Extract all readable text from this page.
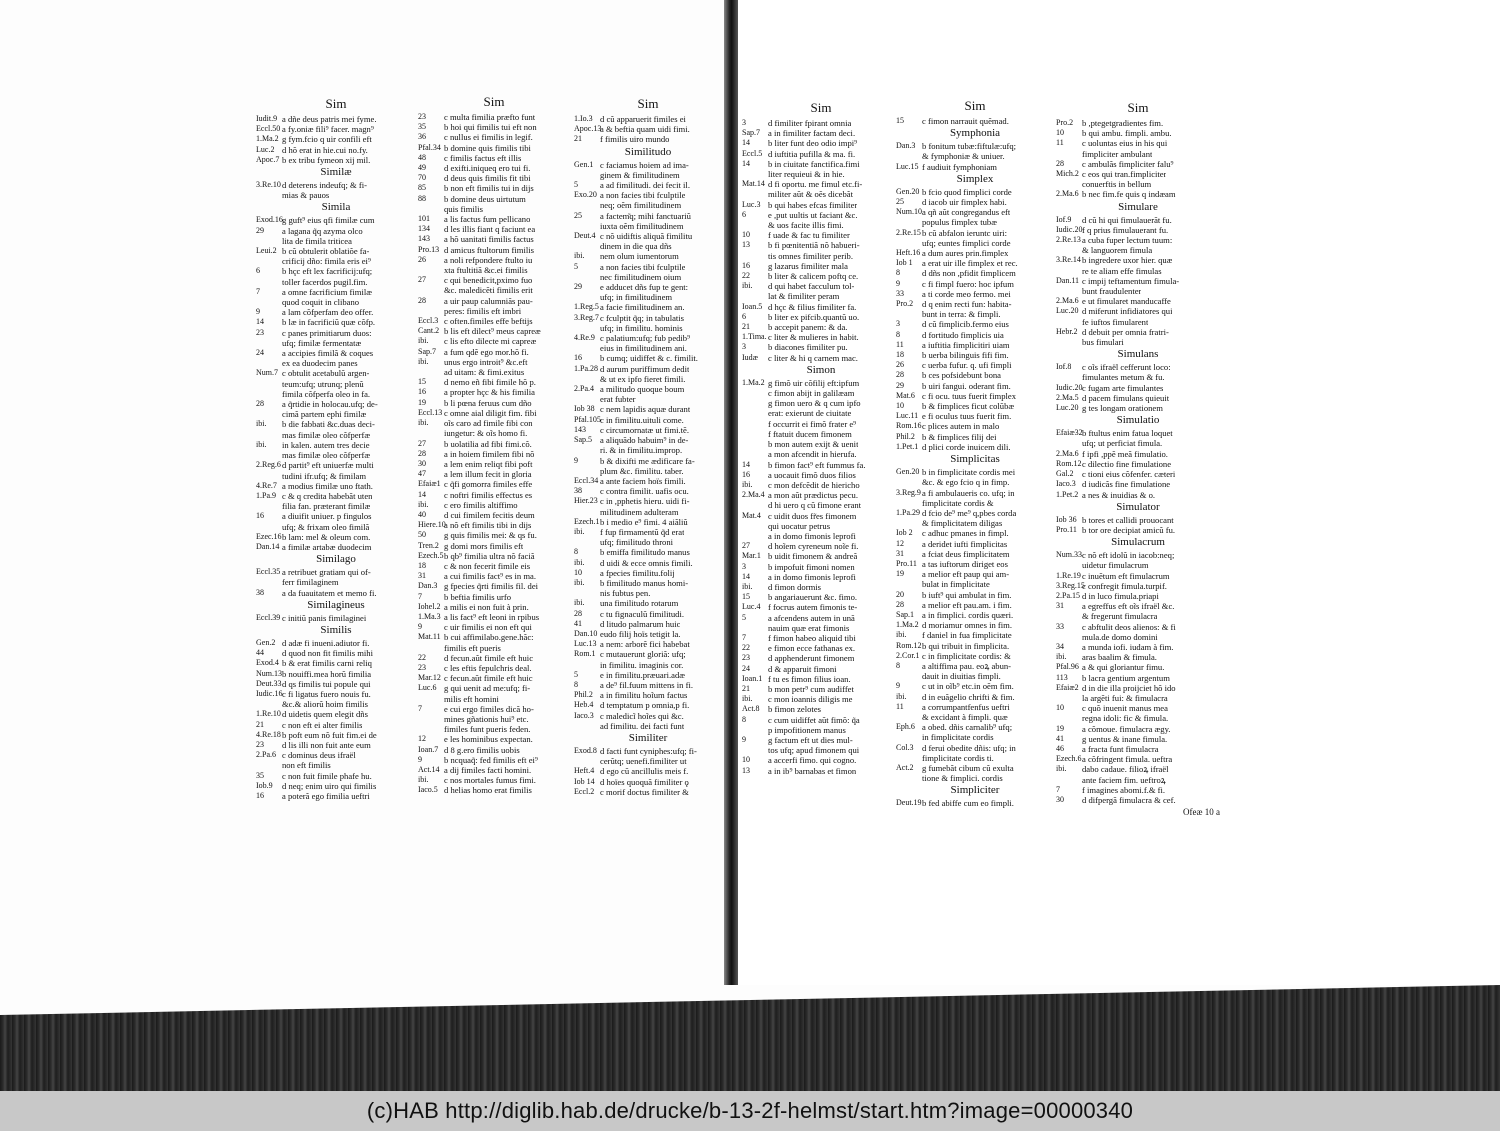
Sim
Iudit.9 a dñe deus patris mei fyme.
Eccl.50 a fy.oniæ fili⁹ facer. magn⁹
1.Ma.2 g fym.fcio q uir confili eft
Luc.2 d hõ erat in hie.cui no.fy.
Apoc.7 b ex tribu fymeon xij mil.
Similæ
3.Re.10 d deterens indeufq; & fi-
mias & pauos
Simila
Exod.16 g guft⁹ eius qfi fimilæ cum
29	a lagana q̃q azyma olco
lita de fimila triticea
Leui.2 b cũ obtulerit oblatiõe fa-
crificij dño: fimila eris ei⁹
6	b hçc eft lex facrificij:ufq;
toller facerdos pugil.fim.
7	a omne facrificium fimilæ
quod coquit in clibano
9	a lam cõfperfam deo offer.
14	b læ in facrificiũ quæ cõfp.
23	c panes primitiarum duos:
ufq; fimilæ fermentatæ
24	a accipies fimilã & coques
ex ea duodecim panes
Num.7 c obtulit acetabulũ argen-
teum:ufq; utrunq; plenũ
fimila cõfperfa oleo in fa.
28	a q̃rtidie in holocau.ufq; de-
cimã partem ephi fimilæ
ibi.	b die fabbati &c.duas deci-
mas fimilæ oleo cõfperfæ
ibi.	in kalen. autem tres decie
mas fimilæ oleo cõfperfæ
2.Reg.6 d partit⁹ eft uniuerfæ multi
tudini ifr.ufq; & fimilam
4.Re.7 a modius fimilæ uno ftath.
1.Pa.9 c & q credita habebãt uten
filia fan. præterant fimilæ
16	a diuifit uniuer. p fingulos
ufq; & frixam oleo fimilã
Ezec.16 b lam: mel & oleum com.
Dan.14 a fimilæ artabæ duodecim
Similago
Eccl.35 a retribuet gratiam qui of-
ferr fimilaginem
38	a da fuauitatem et memo fi.
Similagineus
Eccl.39 c initiũ panis fimilaginei
Similis
Gen.2 d adæ fi inueni.adiutor fi.
44	d quod non fit fimilis mihi
Exod.4 b & erat fimilis carni reliq
Num.13 b nouiffi.mea horũ fimilia
Deut.33 d qs fimilis tui popule qui
Iudic.16 c fi ligatus fuero nouis fu.
&c.& aliorũ hoim fimilis
1.Re.10 d uidetis quem elegit dñs
21	c non eft ei alter fimilis
4.Re.18 b poft eum nõ fuit fim.ei de
23	d lis illi non fuit ante eum
2.Pa.6 c dominus deus ifraël
non eft fimilis
35	c non fuit fimile phafe hu.
Iob.9	d neq; enim uiro qui fimilis
16	a poterã ego fimilia ueftri
Sim
23	c multa fimilia præfto funt
35	b hoi qui fimilis tui eft non
36	c nullus ei fimilis in legif.
Pfal.34 b domine quis fimilis tibi
48	c fimilis factus eft illis
49	d exifti.iniqueq ero tui fi.
70	d deus quis fimilis fit tibi
85	b non eft fimilis tui in dijs
88	b domine deus uirtutum
quis fimilis
101	a lis factus fum pellicano
134	d les illis fiant q faciunt ea
143	a hõ uanitati fimilis factus
Pro.13 d amicus ftultorum fimilis
26	a noli refpondere ftulto iu
xta ftultitiã &c.ei fimilis
27	c qui benedicit,pximo fuo
&c. maledicẽti fimilis erit
28	a uir paup calumniãs pau-
peres: fimilis eft imbri
Eccl.3 c often.fimiles effe beftijs
Cant.2 b lis eft dilect⁹ meus capreæ
ibi.	c lis efto dilecte mi capreæ
Sap.7 a fum qdẽ ego mor.hõ fi.
ibi.	unus ergo introit⁹ &c.eft
ad uitam: & fimi.exitus
15	d nemo eñ fibi fimile hõ p.
16	a propter hçc & his fimilia
19	b li pœna feruus cum dño
Eccl.13 c omne aial diligit fim. fibi
ibi.	oĩs caro ad fimile fibi con
iungetur: & oĩs homo fi.
27	b uolatilia ad fibi fimi.cõ.
28	a in hoiem fimilem fibi nõ
30	a lem enim reliqt fibi poft
47	a lem illum fecit in gloria
Efaiæ1 c q̃fi gomorra fimiles effe
14	c noftri fimilis effectus es
ibi.	c ero fimilis altiffimo
40	d cui fimilem fecitis deum
Hiere.10
a nõ eft fimilis tibi in dijs
50	g quis fimilis mei: & qs fu.
Tren.2 g domi mors fimilis eft
Ezech.5 b qb⁹ fimilia ultra nõ faciã
18	c & non fecerit fimile eis
31	a cui fimilis fact⁹ es in ma.
Dan.3 g fpecies q̃rti fimilis fil. dei
7	b beftia fimilis urfo
Iohel.2 a milis ei non fuit à prin.
1.Ma.3 a lis fact⁹ eft leoni in rpibus
9	c uir fimilis ei non eft qui
Mat.11 b cui affimilabo.gene.hãc:
fimilis eft pueris
22	d fecun.aũt fimile eft huic
23	c les eftis fepulchris deal.
Mar.12 c fecun.aũt fimile eft huic
Luc.6 g qui uenit ad me:ufq; fi-
milis eft homini
7	e cui ergo fimiles dicã ho-
mines gñationis hui⁹ etc.
fimiles funt pueris feden.
12	e les hominibus expectan.
Ioan.7 d 8 g.ero fimilis uobis
9	b ncquaq̃: fed fimilis eft ei⁹
Act.14 a dij fimiles facti homini.
ibi.	c nos mortales fumus fimi.
Iaco.5 d helias homo erat fimilis
Sim
1.Io.3 d cũ apparuerit fimiles ei
Apoc.13
a & beftia quam uidi fimi.
21	f fimilis uiro mundo
Similitudo
Gen.1 c faciamus hoiem ad ima-
ginem & fimilitudinem
5	a ad fimilitudi. dei fecit il.
Exo.20 a non facies tibi fculptile
neq; oẽm fimilitudinem
25	a factem͂q; mihi fanctuariũ
iuxta oẽm fimilitudinem
Deut.4 c nõ uidiftis aliquã fimilitu
dinem in die qua dñs
ibi.	nem olum iumentorum
5	a non facies tibi fculptile
nec fimilitudinem oium
29	e adducet dñs fup te gent:
ufq; in fimilitudinem
1.Reg.5 a facie fimilitudinem an.
3.Reg.7 c fculptit q̃q; in tabulatis
ufq; in fimilitu. hominis
4.Re.9 c palatium:ufq; fub pedib⁹
eius in fimilitudinem ani.
16	b cumq; uidiffet & c. fimilit.
1.Pa.28 d aurum puriffimum dedit
& ut ex ipfo fieret fimili.
2.Pa.4 a militudo quoque boum
erat fubter
Iob 38 c nem lapidis aquæ durant
Pfal.105 c in fimilitu.uituli come.
143	c circumornatæ ut fimi.tẽ.
Sap.5 a aliquãdo habuim⁹ in de-
ri. & in fimilitu.improp.
9	b & dixifti me ædificare fa-
plum &c. fimilitu. taber.
Eccl.34 a ante faciem hoïs fimili.
38	c contra fimilit. uafis ocu.
Hier.23 c in ,pphetis hieru. uidi fi-
militudinem adulteram
Ezech.1 b i medio e⁹ fimi. 4 aiãliũ
ibi.	f fup firmamentũ q̃d erat
ufq; fimilitudo throni
8	b emiffa fimilitudo manus
ibi.	d uidi & ecce omnis fimili.
10	a fpecies fimilitu.folij
ibi.	b fimilitudo manus homi-
nis fubtus pen.
ibi.	una fimilitudo rotarum
28	c tu fignaculũ fimilitudi.
41	d litudo palmarum huic
Dan.10 eudo filij hoïs tetigit la.
Luc.13 a nem: arborẽ fici habebat
Rom.1 c mutauerunt gloriã: ufq;
in fimilitu. imaginis cor.
5	e in fimilitu.præuari.adæ
8	a de⁹ fil.fuum mittens in fi.
Phil.2 a in fimilitu hoĩum factus
Heb.4 d temptatum p omnia,p fi.
Iaco.3 c maledicĩ hoĩes qui &c.
ad fimilitu. dei facti funt
Similiter
Exod.8 d facti funt cyniphes:ufq; fi-
cerũtq; uenefi.fimiliter ut
Heft.4 d ego cũ ancillulis meis f.
Iob 14 d hoïes quoquã fimiliter ǫ
Eccl.2 c morif doctus fimiliter &
Sim
3	d fimiliter fpirant omnia
Sap.7 a in fimiliter factam deci.
14	b liter funt deo odio impi⁹
Eccl.5 d iuftitia pufilla & ma. fi.
14	b in ciuitate fanctifica.fimi
liter requieui & in hie.
Mat.14 d fi oportu. me fimul etc.fi-
militer aũt & oẽs dicebãt
Luc.3 b qui habes efcas fimiliter
6	e ,put uultis ut faciant &c.
& uos facite illis fimi.
10	f uade & fac tu fimiliter
13	b fi pœnitentiã nõ habueri-
tis omnes fimiliter perib.
16	g lazarus fimiliter mala
22	b liter & calicem poftq ce.
ibi.	d qui habet facculum tol-
lat & fimiliter peram
Ioan.5 d hçc & filius fimiliter fa.
6	b liter ex pifcib.quantũ uo.
21	b accepit panem: & da.
1.Tima. c liter & mulieres in habit.
3	b diacones fimiliter pu.
Iudæ	c liter & hi q carnem mac.
Simon
1.Ma.2 g fimõ uir cõfilij eft:ipfum
c fimon abijt in galilæam
g fimon uero & q cum ipfo
erat: exierunt de ciuitate
f occurrit ei fimõ frater e⁹
f ftatuit ducem fimonem
b mon autem exijt & uenit
a mon afcendit in hierufa.
14	b fimon fact⁹ eft fummus fa.
16	a uocauit fimõ duos filios
ibi.	c mon defcẽdit de hiericho
2.Ma.4 a mon aũt prædictus pecu.
d hi uero q cũ fimone erant
Mat.4 c uidit duos fr̃es fimonem
qui uocatur petrus
a in domo fimonis leprofi
27	d hoĩem cyreneum noĩe fi.
Mar.1 b uidit fimonem & andreã
3	b impofuit fimoni nomen
14	a in domo fimonis leprofi
ibi.	d fimon dormis
15	b angariauerunt &c. fimo.
Luc.4 f focrus autem fimonis te-
5	a afcendens autem in unã
nauim quæ erat fimonis
7	f fimon habeo aliquid tibi
22	e fimon ecce fathanas ex.
23	d apphenderunt fimonem
24	d & apparuit fimoni
Ioan.1 f tu es fimon filius ioan.
21	b mon petr⁹ cum audiffet
ibi.	c mon ioannis diligis me
Act.8 b fimon zelotes
8	c cum uidiffet aũt fimõ: q̃a
p impofitionem manus
9	g factum eft ut dies mul-
tos ufq; apud fimonem qui
10	a accerfi fimo. qui cogno.
13	a in ib⁹ barnabas et fimon
Sim
15	c fimon narrauit quẽmad.
Symphonia
Dan.3 b fonitum tubæ:fiftulæ:ufq;
& fymphoniæ & uniuer.
Luc.15 f audiuit fymphoniam
Simplex
Gen.20 b fcio quod fimplici corde
25	d iacob uir fimplex habi.
Num.10 a qñ aũt congregandus eft
populus fimplex tubæ
2.Re.15 b cũ abfalon ieruntc uiri:
ufq; euntes fimplici corde
Heft.16 a dum aures prin.fimplex
Iob 1	a erat uir ille fimplex et rec.
8	d dñs non ,pfidit fimplicem
9	c fi fimpl fuero: hoc ipfum
33	a ti corde meo fermo. mei
Pro.2	d q enim recti fun: habita-
bunt in terra: & fimpli.
3	d cũ fimplicib.fermo eius
8	d fortitudo fimplicis uia
11	a iuftitia fimplicitiri uiam
18	b uerba bilinguis fifi fim.
26	c uerba fufur. q. ufi fimpli
28	b ces pofsidebunt bona
29	b uiri fangui. oderant fim.
Mat.6 c fi ocu. tuus fuerit fimplex
10	b & fimplices ficut colũbæ
Luc.11 e fi oculus tuus fuerit fim.
Rom.16 c plices autem in malo
Phil.2 b & fimplices filij dei
1.Pet.1 d plici corde inuicem dili.
Simplicitas
Gen.20 b in fimplicitate cordis mei
&c. & ego fcio q in fimp.
3.Reg.9 a fi ambulaueris co. ufq; in
fimplicitate cordis &
1.Pa.29 d fcio de⁹ me⁹ q,pbes corda
& fimplicitatem diligas
Iob 2	c adhuc pmanes in fimpl.
12	a deridet iufti fimplicitas
31	a fciat deus fimplicitatem
Pro.11 a tas iuftorum diriget eos
19	a melior eft paup qui am-
bulat in fimplicitate
20	b iuft⁹ qui ambulat in fim.
28	a melior eft pau.am. i fim.
Sap.1 a in fimplici. cordis quæri.
1.Ma.2 d moriamur omnes in fim.
ibi.	f daniel in fua fimplicitate
Rom.12 b qui tribuit in fimplicita.
2.Cor.1 c in fimplicitate cordis: &
8	a altiffima pau. eoꝝ abun-
dauit in diuitias fimpli.
9	c ut in oĩb⁹ etc.in oẽm fim.
ibi.	d in euãgelio chrifti & fim.
11	a corrumpantfenfus ueftri
& excidant à fimpli. quæ
Eph.6 a obed. dñis carnalib⁹ ufq;
in fimplicitate cordis
Col.3 d ferui obedite dñis: ufq; in
fimplicitate cordis ti.
Act.2 g fumebãt cibum cũ exulta
tione & fimplici. cordis
Simpliciter
Deut.19 b fed abiffe cum eo fimpli.
Sim
Pro.2	b ,ptegetgradientes fim.
10	b qui ambu. fimpli. ambu.
11	c uoluntas eius in his qui
fimpliciter ambulant
28	c ambulãs fimpliciter falu⁹
Mich.2 c eos qui tran.fimpliciter
conuerftis in bellum
2.Ma.6 b nec fim.fe quis q indæam
Simulare
Iof.9	d cũ hi qui fimulauerãt fu.
Iudic.20 f q prius fimulauerant fu.
2.Re.13 a cuba fuper lectum tuum:
& languorem fimula
3.Re.14 b ingredere uxor hier. quæ
re te aliam effe fimulas
Dan.11 c impij teftamentum fimula-
bunt fraudulenter
2.Ma.6 e ut fimularet manducaffe
Luc.20 d miferunt infidiatores qui
fe iuftos fimularent
Hebr.2 d debuit per omnia fratri-
bus fimulari
Simulans
Iof.8	c oĩs ifraël cefferunt loco:
fimulantes metum & fu.
Iudic.20 c fugam arte fimulantes
2.Ma.5 d pacem fimulans quieuit
Luc.20 g tes longam orationem
Simulatio
Efaiæ32 b ftultus enim fatua loquet
ufq; ut perficiat fimula.
2.Ma.6 f ipfi ,ppẽ meã fimulatio.
Rom.12 c dilectio fine fimulatione
Gal.2 c tioni eius cõfenfer. cæteri
Iaco.3 d iudicãs fine fimulatione
1.Pet.2 a nes & inuidias & o.
Simulator
Iob 36 b tores et callidi prouocant
Pro.11 b tor ore decipiat amicũ fu.
Simulacrum
Num.33 c nõ eft idolũ in iacob:neq;
uidetur fimulacrum
1.Re.19 c inuẽtum eft fimulacrum
3.Reg.15
c confregit fimula.turpif.
2.Pa.15 d in luco fimula.priapi
31	a egreffus eft oĩs ifraël &c.
& fregerunt fimulacra
33	c abftulit deos alienos: & fi
mula.de domo domini
34	a munda iofi. iudam à fim.
ibi.	aras baalim & fimula.
Pfal.96 a & qui gloriantur fimu.
113	b lacra gentium argentum
Efaiæ2 d in die illa proijciet hõ ido
la argẽti fui: & fimulacra
10	c quõ inuenit manus mea
regna idoli: fic & fimula.
19	a cõmoue. fimulacra ægy.
41	g uentus & inane fimula.
46	a fracta funt fimulacra
Ezech.6 a cõfringent fimula. ueftra
ibi.	dabo cadaue. filioꝝ ifraël
ante faciem fim. ueftroꝝ
7	f imagines abomi.f.& fi.
30	d difpergã fimulacra & cef.
Ofeæ 10 a
(c)HAB http://diglib.hab.de/drucke/b-13-2f-helmst/start.htm?image=00000340
